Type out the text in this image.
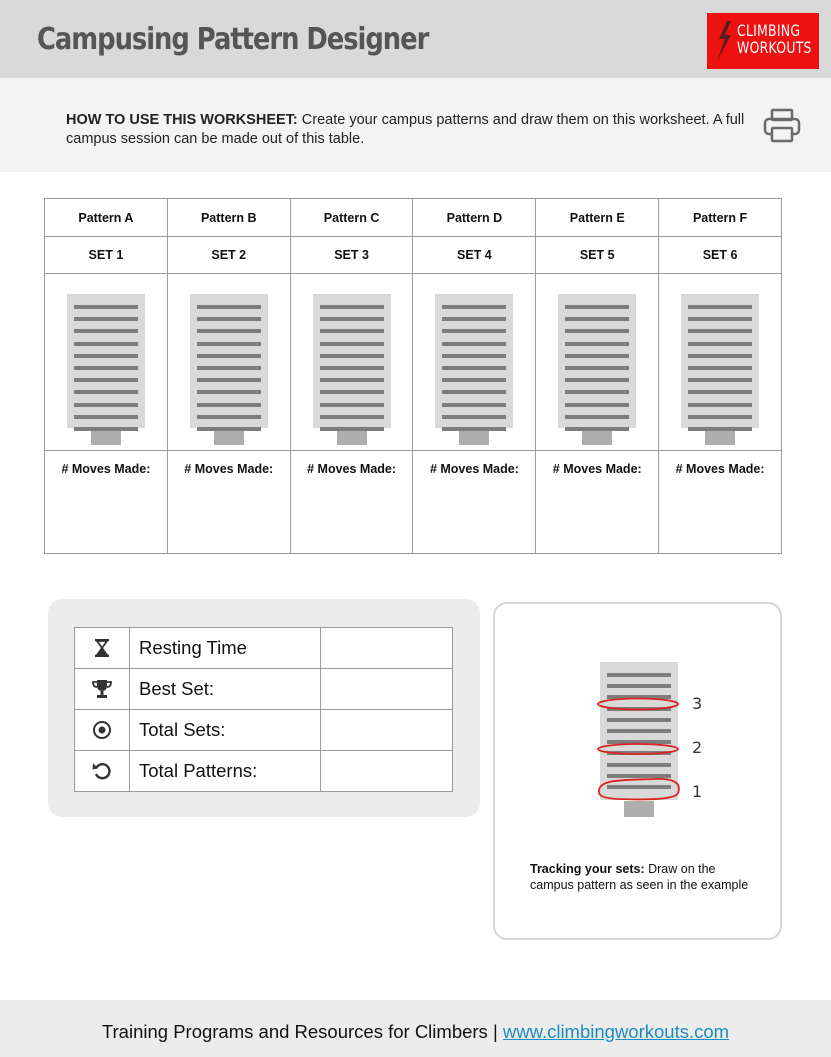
Campusing Pattern Designer	CLIMBING
WORKOUTS
HOW TO USE THIS WORKSHEET: Create your campus patterns and draw them on this worksheet. A full campus session can be made out of this table.
Pattern A	Pattern B	Pattern C	Pattern D	Pattern E	Pattern F
SET 1	SET 2	SET 3	SET 4	SET 5	SET 6

# Moves Made:	# Moves Made:	# Moves Made:	# Moves Made:	# Moves Made:	# Moves Made:
	Resting Time	

	Best Set:	

	Total Sets:	

	Total Patterns:	
3
2
1
Tracking your sets: Draw on the campus pattern as seen in the example
Training Programs and Resources for Climbers | www.climbingworkouts.com
